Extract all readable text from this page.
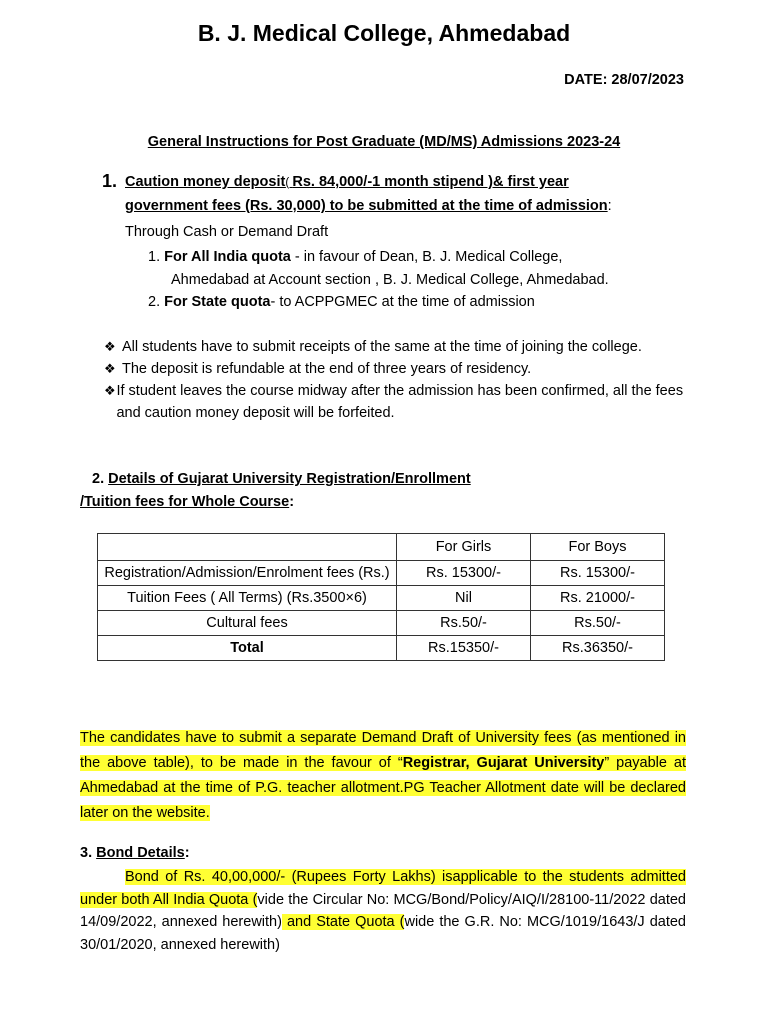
B. J. Medical College, Ahmedabad
DATE: 28/07/2023
General Instructions for Post Graduate (MD/MS) Admissions 2023-24
1. Caution money deposit( Rs. 84,000/-1 month stipend )& first year
government fees (Rs. 30,000) to be submitted at the time of admission:
Through Cash or Demand Draft
1. For All India quota - in favour of Dean, B. J. Medical College,
Ahmedabad at Account section , B. J. Medical College, Ahmedabad.
2. For State quota- to ACPPGMEC at the time of admission
❖ All students have to submit receipts of the same at the time of joining the college.
❖ The deposit is refundable at the end of three years of residency.
❖ If student leaves the course midway after the admission has been confirmed, all the fees and caution money deposit will be forfeited.
2. Details of Gujarat University Registration/Enrollment
/Tuition fees for Whole Course:
	For Girls	For Boys
Registration/Admission/Enrolment fees (Rs.)	Rs. 15300/-	Rs. 15300/-
Tuition Fees ( All Terms) (Rs.3500×6)	Nil	Rs. 21000/-
Cultural fees	Rs.50/-	Rs.50/-
Total	Rs.15350/-	Rs.36350/-
The candidates have to submit a separate Demand Draft of University fees (as mentioned in the above table), to be made in the favour of “Registrar, Gujarat University” payable at Ahmedabad at the time of P.G. teacher allotment.PG Teacher Allotment date will be declared later on the website.
3. Bond Details:
Bond of Rs. 40,00,000/- (Rupees Forty Lakhs) isapplicable to the students admitted under both All India Quota (vide the Circular No: MCG/Bond/Policy/AIQ/I/28100-11/2022 dated 14/09/2022, annexed herewith) and State Quota (wide the G.R. No: MCG/1019/1643/J dated 30/01/2020, annexed herewith)
